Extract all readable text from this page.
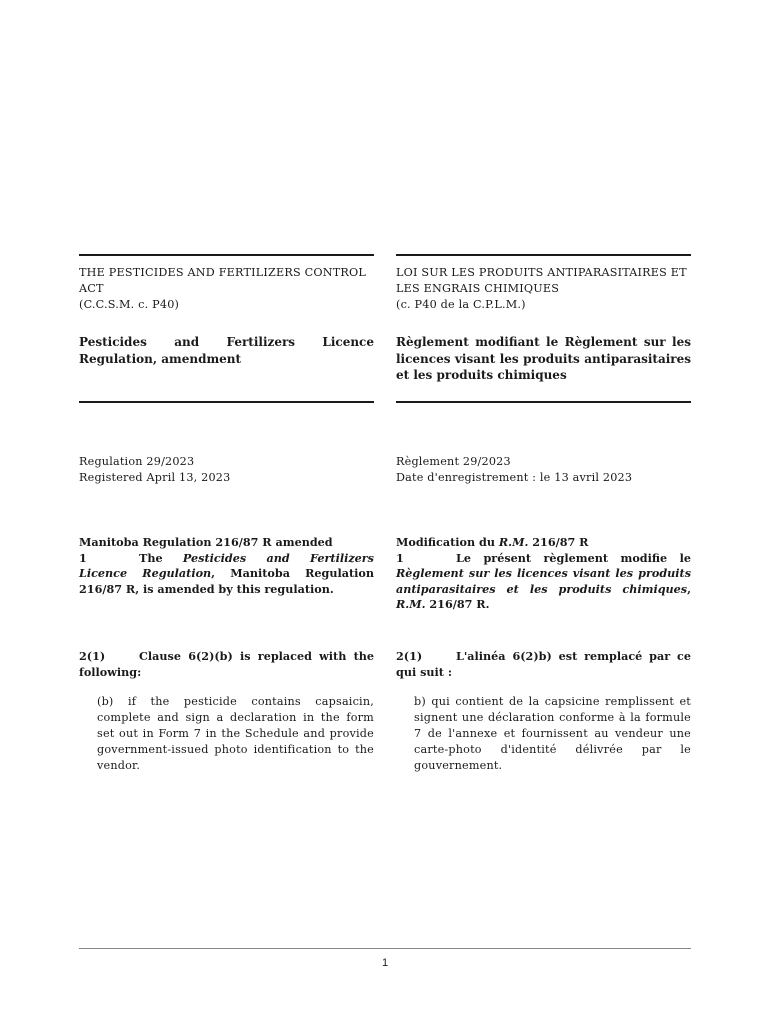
THE PESTICIDES AND FERTILIZERS CONTROL
ACT
(C.C.S.M. c. P40)
Pesticides and Fertilizers Licence Regulation, amendment
Regulation 29/2023
Registered April 13, 2023
Manitoba Regulation 216/87 R amended
1	The Pesticides and Fertilizers Licence Regulation, Manitoba Regulation 216/87 R, is amended by this regulation.
2(1)	Clause 6(2)(b) is replaced with the following:
(b) if the pesticide contains capsaicin, complete and sign a declaration in the form set out in Form 7 in the Schedule and provide government-issued photo identification to the vendor.
LOI SUR LES PRODUITS ANTIPARASITAIRES ET
LES ENGRAIS CHIMIQUES
(c. P40 de la C.P.L.M.)
Règlement modifiant le Règlement sur les licences visant les produits antiparasitaires et les produits chimiques
Règlement 29/2023
Date d'enregistrement : le 13 avril 2023
Modification du R.M. 216/87 R
1	Le présent règlement modifie le Règlement sur les licences visant les produits antiparasitaires et les produits chimiques, R.M. 216/87 R.
2(1)	L'alinéa 6(2)b) est remplacé par ce qui suit :
b) qui contient de la capsicine remplissent et signent une déclaration conforme à la formule 7 de l'annexe et fournissent au vendeur une carte-photo d'identité délivrée par le gouvernement.
1
